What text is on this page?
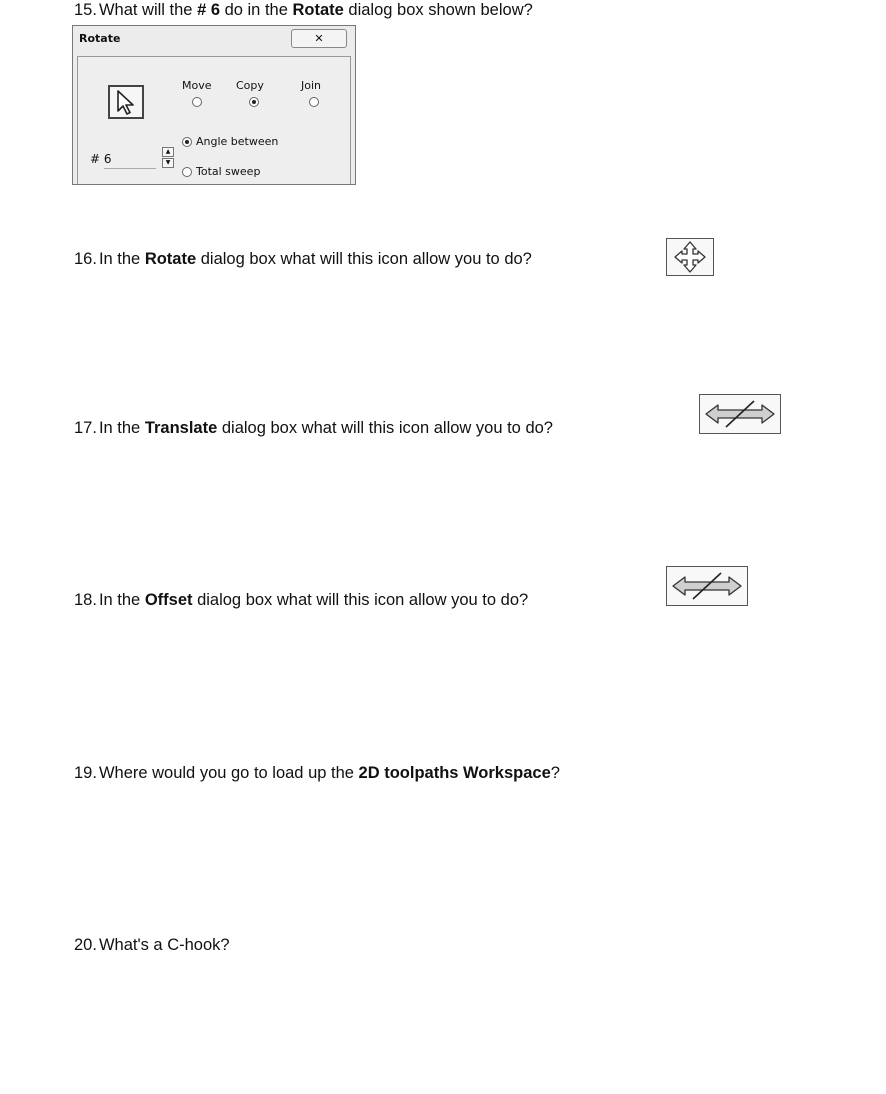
15. What will the # 6 do in the Rotate dialog box shown below?
Rotate	✕
Move Copy	Join
# 6
▲
▼
Angle between
Total sweep
16. In the Rotate dialog box what will this icon allow you to do?
17. In the Translate dialog box what will this icon allow you to do?
18. In the Offset dialog box what will this icon allow you to do?
19. Where would you go to load up the 2D toolpaths Workspace?
20. What's a C-hook?
